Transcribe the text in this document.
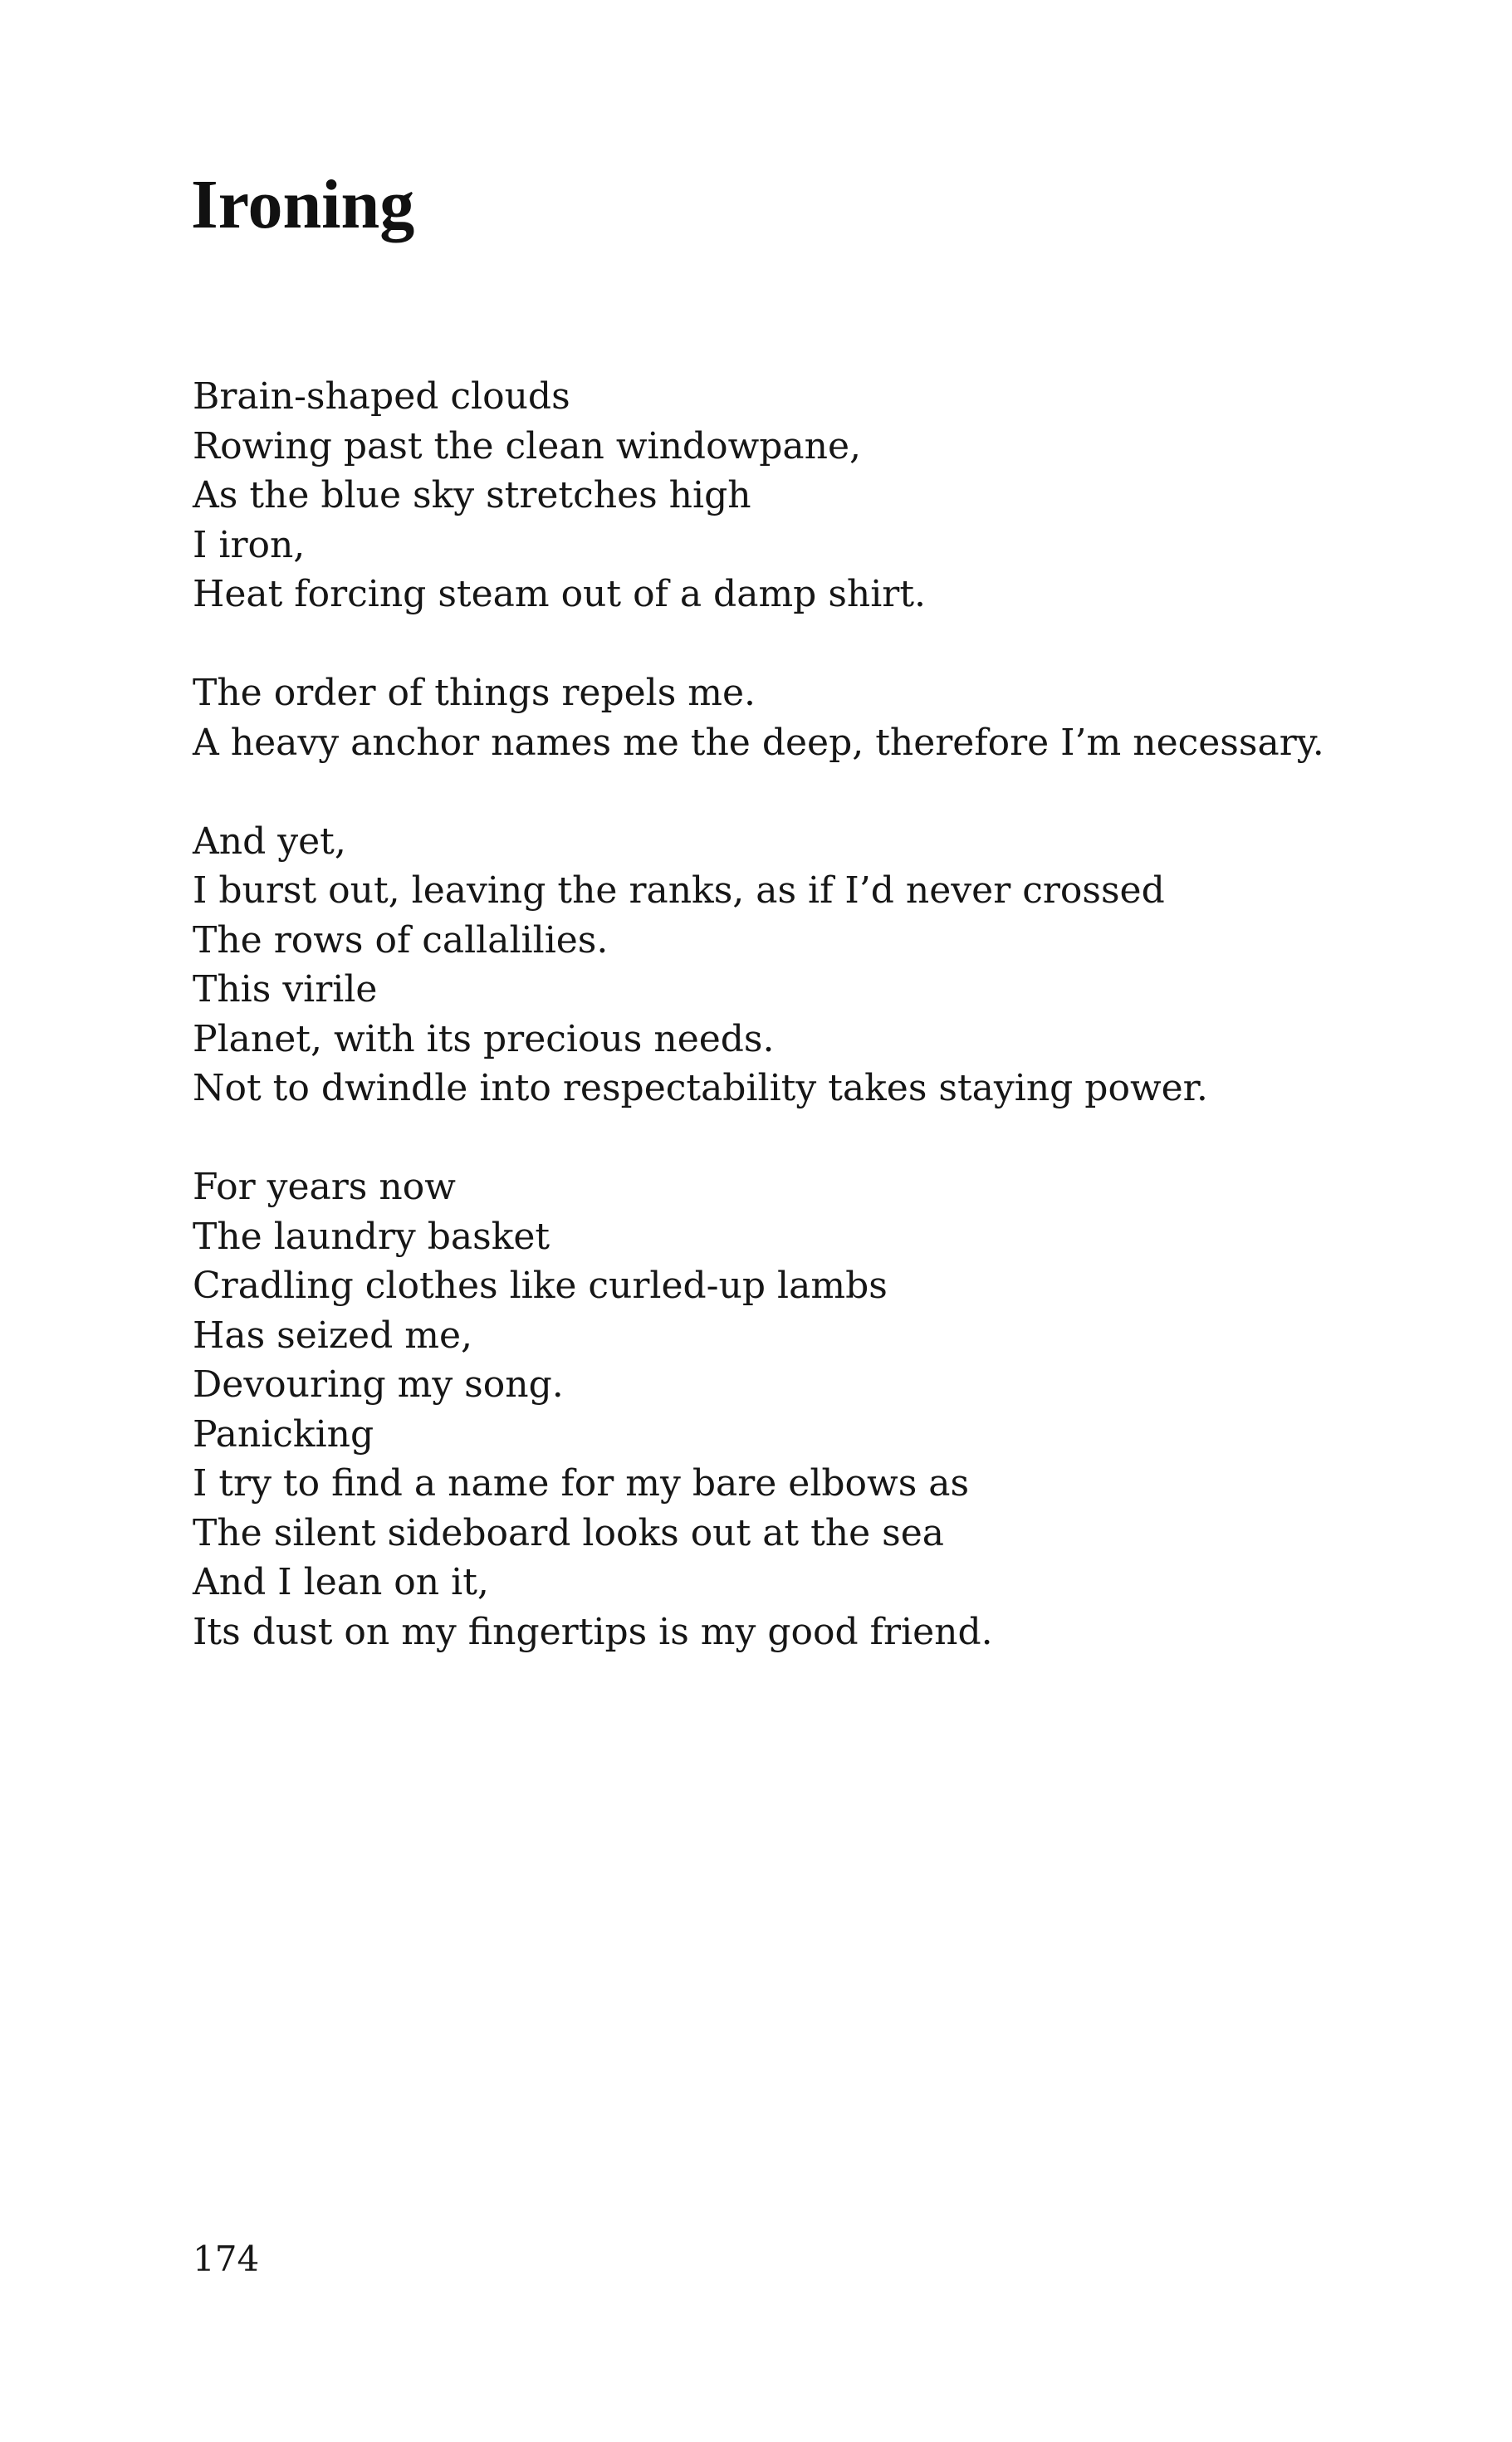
Ironing
Brain-shaped clouds
Rowing past the clean windowpane,
As the blue sky stretches high
I iron,
Heat forcing steam out of a damp shirt.
The order of things repels me.
A heavy anchor names me the deep, therefore I’m necessary.
And yet,
I burst out, leaving the ranks, as if I’d never crossed
The rows of callalilies.
This virile
Planet, with its precious needs.
Not to dwindle into respectability takes staying power.
For years now
The laundry basket
Cradling clothes like curled-up lambs
Has seized me,
Devouring my song.
Panicking
I try to find a name for my bare elbows as
The silent sideboard looks out at the sea
And I lean on it,
Its dust on my fingertips is my good friend.
174
